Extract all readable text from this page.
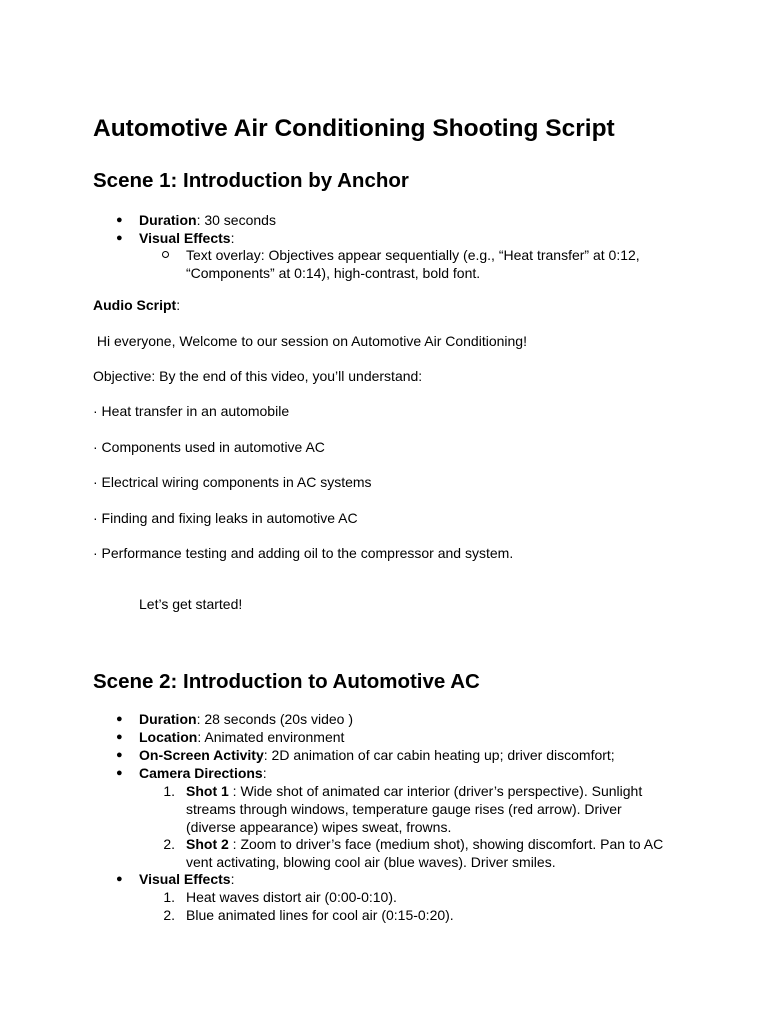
Automotive Air Conditioning Shooting Script
Scene 1: Introduction by Anchor
● Duration: 30 seconds
● Visual Effects:
Text overlay: Objectives appear sequentially (e.g., “Heat transfer” at 0:12,
“Components” at 0:14), high-contrast, bold font.
Audio Script:
Hi everyone, Welcome to our session on Automotive Air Conditioning!
Objective: By the end of this video, you’ll understand:
· Heat transfer in an automobile
· Components used in automotive AC
· Electrical wiring components in AC systems
· Finding and fixing leaks in automotive AC
· Performance testing and adding oil to the compressor and system.
Let’s get started!
Scene 2: Introduction to Automotive AC
● Duration: 28 seconds (20s video )
● Location: Animated environment
● On-Screen Activity: 2D animation of car cabin heating up; driver discomfort;
● Camera Directions:
1. Shot 1 : Wide shot of animated car interior (driver’s perspective). Sunlight
streams through windows, temperature gauge rises (red arrow). Driver
(diverse appearance) wipes sweat, frowns.
2. Shot 2 : Zoom to driver’s face (medium shot), showing discomfort. Pan to AC
vent activating, blowing cool air (blue waves). Driver smiles.
● Visual Effects:
1. Heat waves distort air (0:00-0:10).
2. Blue animated lines for cool air (0:15-0:20).
